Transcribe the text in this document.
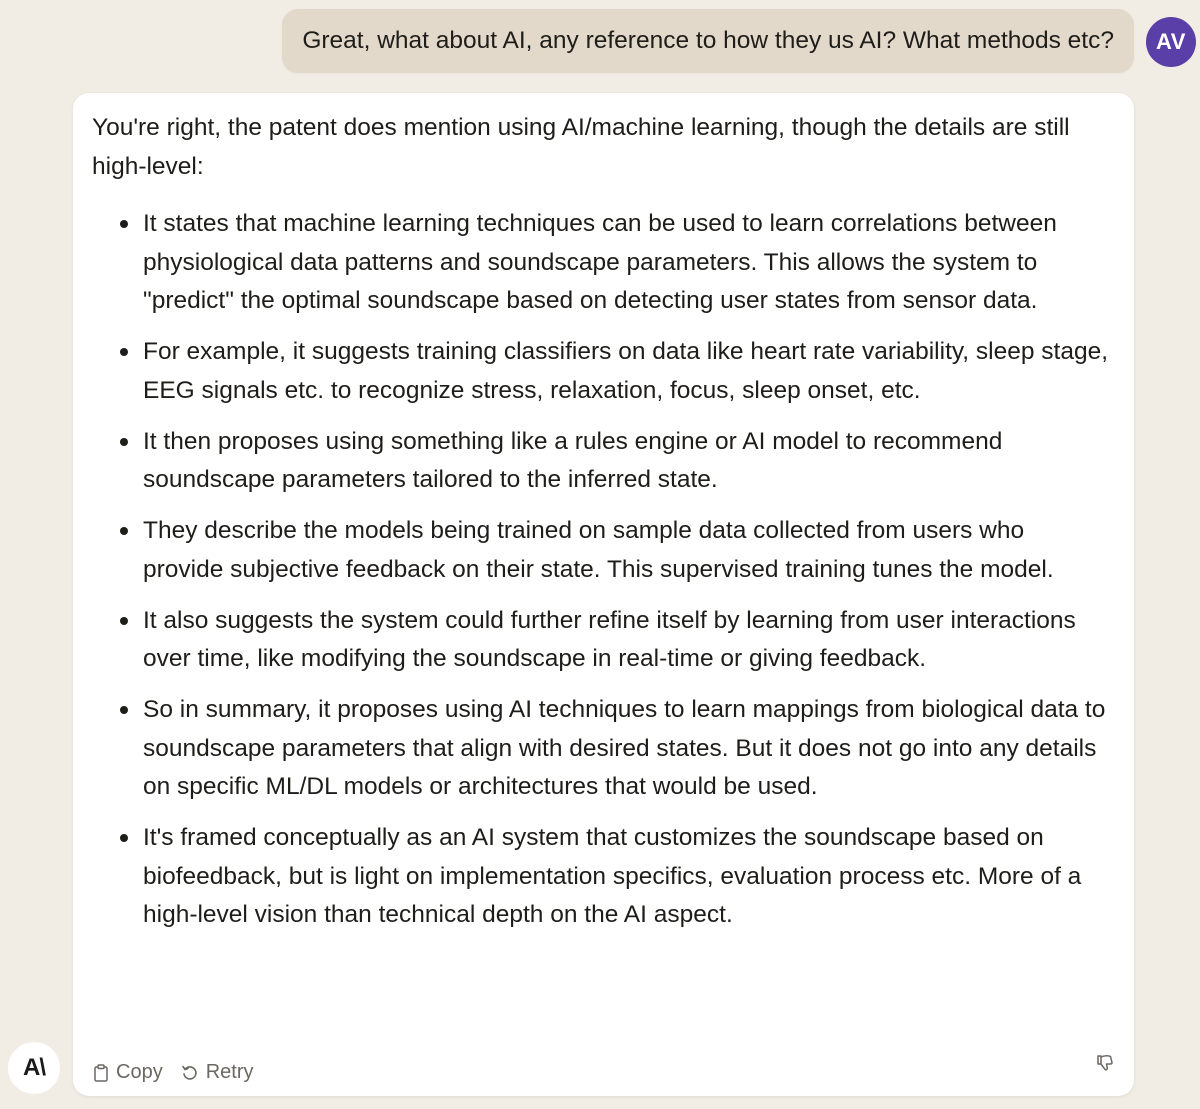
Great, what about AI, any reference to how they us AI? What methods etc? AV

You're right, the patent does mention using AI/machine learning, though the details are still high-level:

It states that machine learning techniques can be used to learn correlations between physiological data patterns and soundscape parameters. This allows the system to "predict" the optimal soundscape based on detecting user states from sensor data.
For example, it suggests training classifiers on data like heart rate variability, sleep stage, EEG signals etc. to recognize stress, relaxation, focus, sleep onset, etc.
It then proposes using something like a rules engine or AI model to recommend soundscape parameters tailored to the inferred state.
They describe the models being trained on sample data collected from users who provide subjective feedback on their state. This supervised training tunes the model.
It also suggests the system could further refine itself by learning from user interactions over time, like modifying the soundscape in real-time or giving feedback.
So in summary, it proposes using AI techniques to learn mappings from biological data to soundscape parameters that align with desired states. But it does not go into any details on specific ML/DL models or architectures that would be used.
It's framed conceptually as an AI system that customizes the soundscape based on biofeedback, but is light on implementation specifics, evaluation process etc. More of a high-level vision than technical depth on the AI aspect.
Copy Retry
A\
